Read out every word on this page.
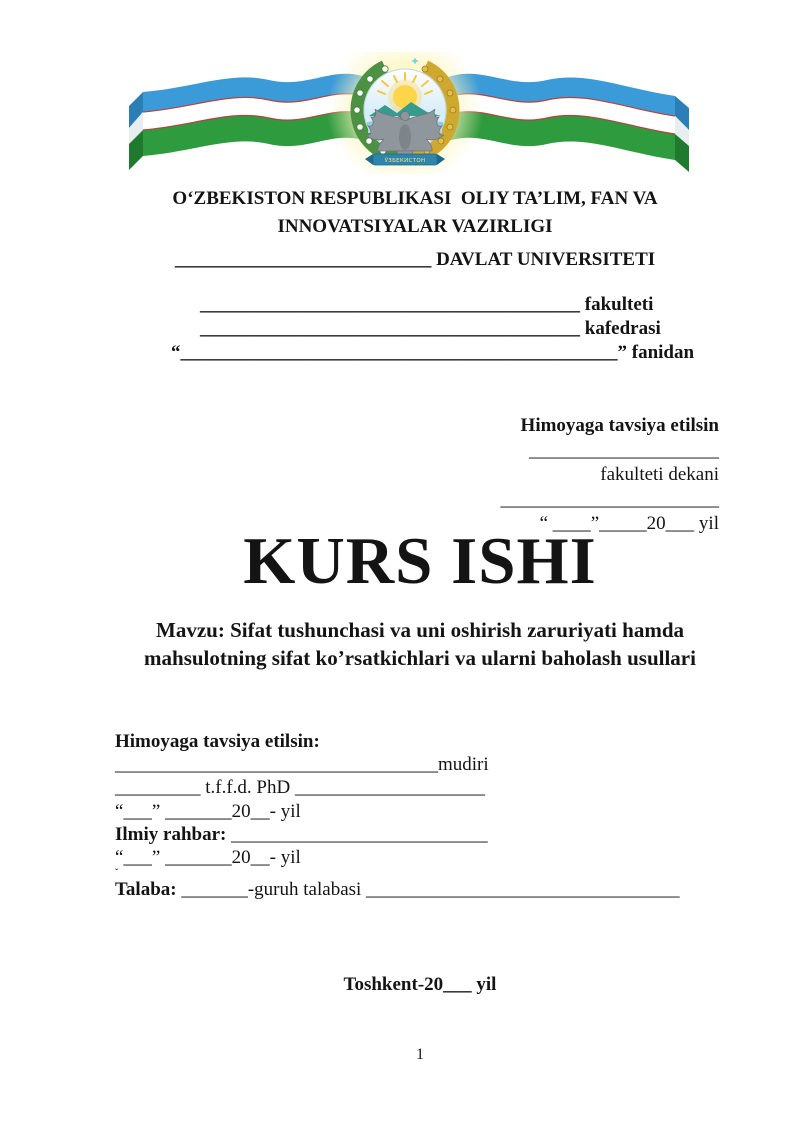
ЎЗБЕКИСТОН
O‘ZBEKISTON RESPUBLIKASI  OLIY TA’LIM, FAN VA
INNOVATSIYALAR VAZIRLIGI
___________________________ DAVLAT UNIVERSITETI
________________________________________ fakulteti
________________________________________ kafedrasi
“______________________________________________” fanidan
Himoyaga tavsiya etilsin
____________________
fakulteti dekani
_______________________
“ ____”_____20___ yil
KURS ISHI
Mavzu: Sifat tushunchasi va uni oshirish zaruriyati hamda
mahsulotning sifat ko’rsatkichlari va ularni baholash usullari
Himoyaga tavsiya etilsin:
__________________________________mudiri
_________ t.f.f.d. PhD ____________________
“___” _______20__- yil
Ilmiy rahbar: ___________________________
“___” _______20__- yil
ˇ
Talaba: _______-guruh talabasi _________________________________
Toshkent-20___ yil
1
